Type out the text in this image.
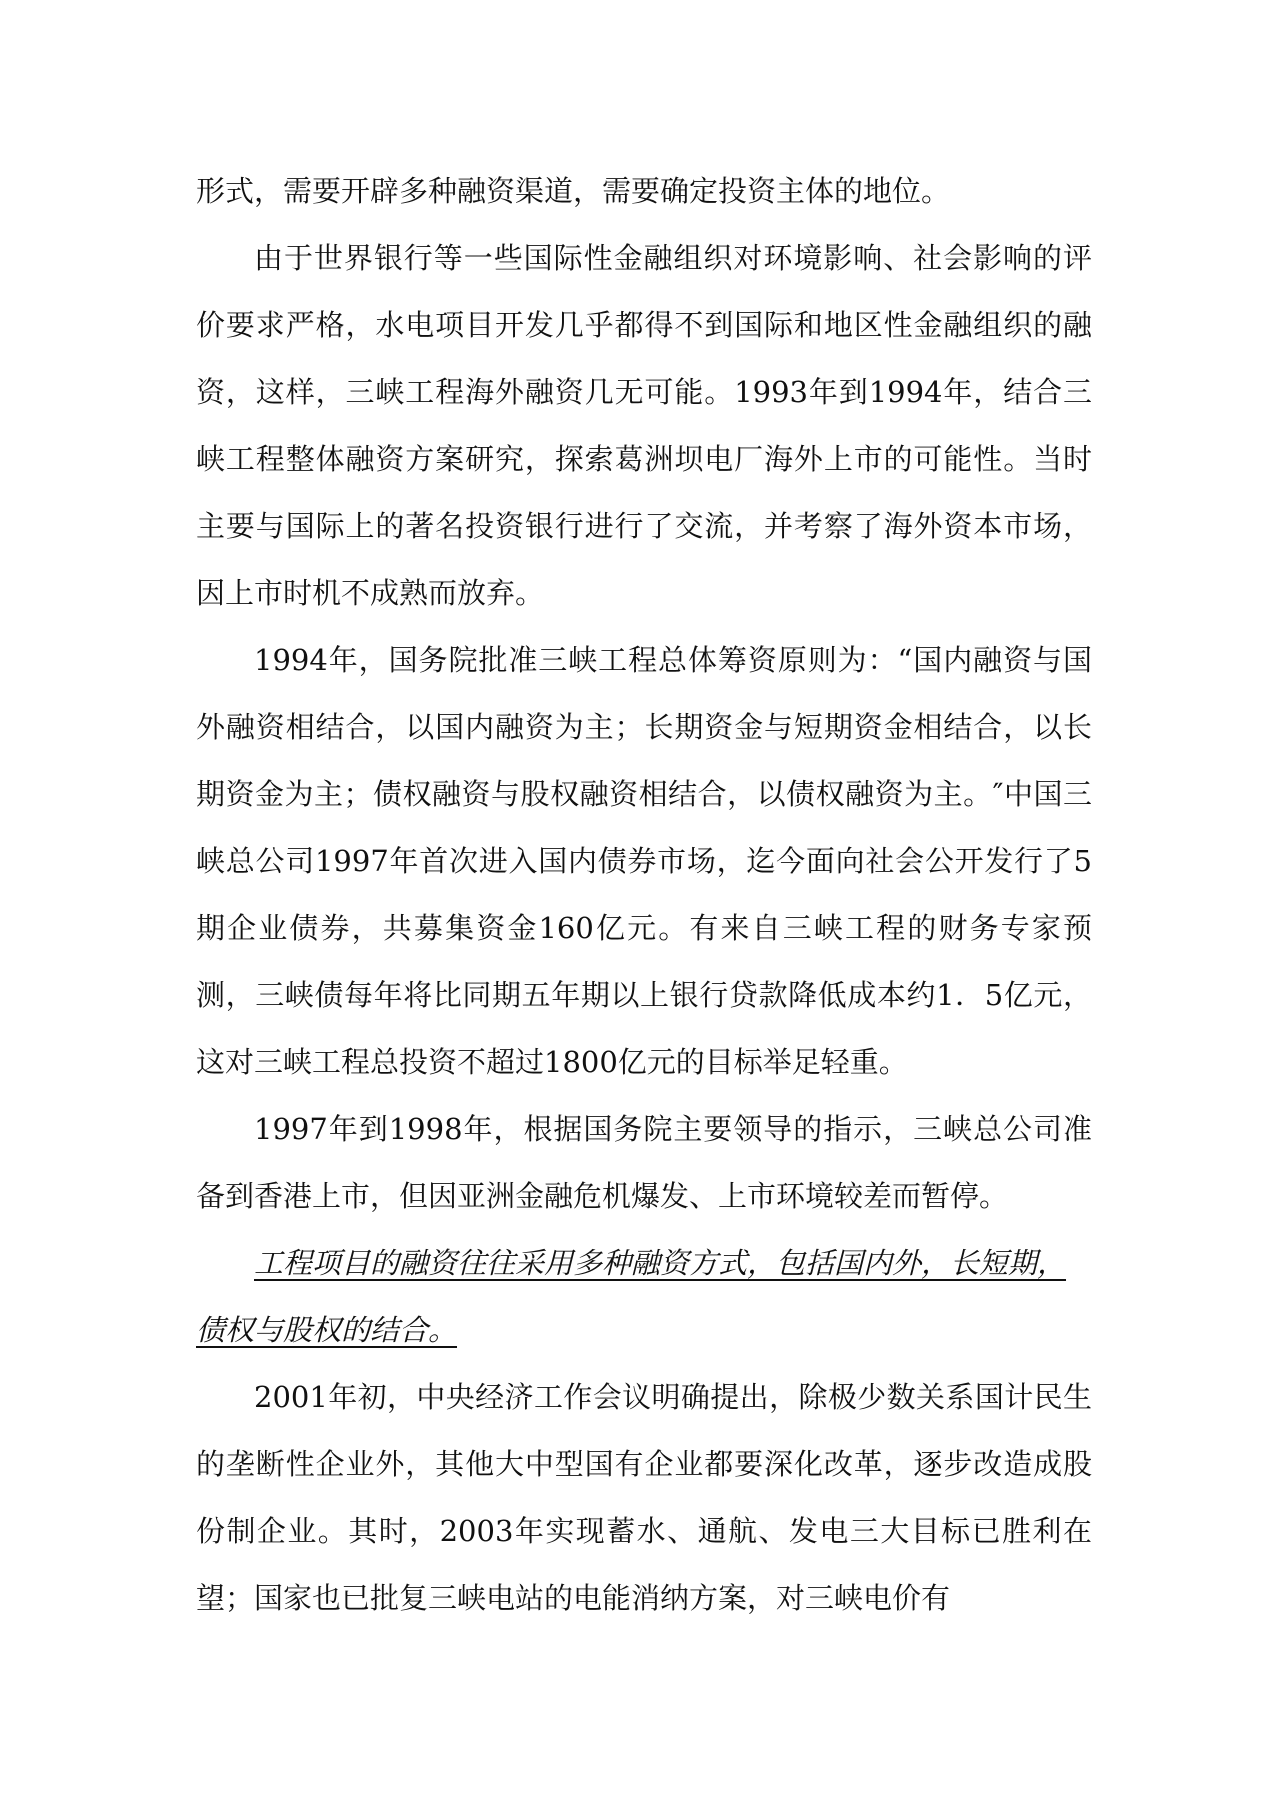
形式，需要开辟多种融资渠道，需要确定投资主体的地位。

由于世界银行等一些国际性金融组织对环境影响、社会影响的评价要求严格，水电项目开发几乎都得不到国际和地区性金融组织的融资，这样，三峡工程海外融资几无可能。1993年到1994年，结合三峡工程整体融资方案研究，探索葛洲坝电厂海外上市的可能性。当时主要与国际上的著名投资银行进行了交流，并考察了海外资本市场，因上市时机不成熟而放弃。

1994年，国务院批准三峡工程总体筹资原则为：“国内融资与国外融资相结合，以国内融资为主；长期资金与短期资金相结合，以长期资金为主；债权融资与股权融资相结合，以债权融资为主。″中国三峡总公司1997年首次进入国内债券市场，迄今面向社会公开发行了5期企业债券，共募集资金160亿元。有来自三峡工程的财务专家预测，三峡债每年将比同期五年期以上银行贷款降低成本约1．5亿元，这对三峡工程总投资不超过1800亿元的目标举足轻重。

1997年到1998年，根据国务院主要领导的指示，三峡总公司准备到香港上市，但因亚洲金融危机爆发、上市环境较差而暂停。

工程项目的融资往往采用多种融资方式，包括国内外，长短期，债权与股权的结合。

2001年初，中央经济工作会议明确提出，除极少数关系国计民生的垄断性企业外，其他大中型国有企业都要深化改革，逐步改造成股份制企业。其时，2003年实现蓄水、通航、发电三大目标已胜利在望；国家也已批复三峡电站的电能消纳方案，对三峡电价有
